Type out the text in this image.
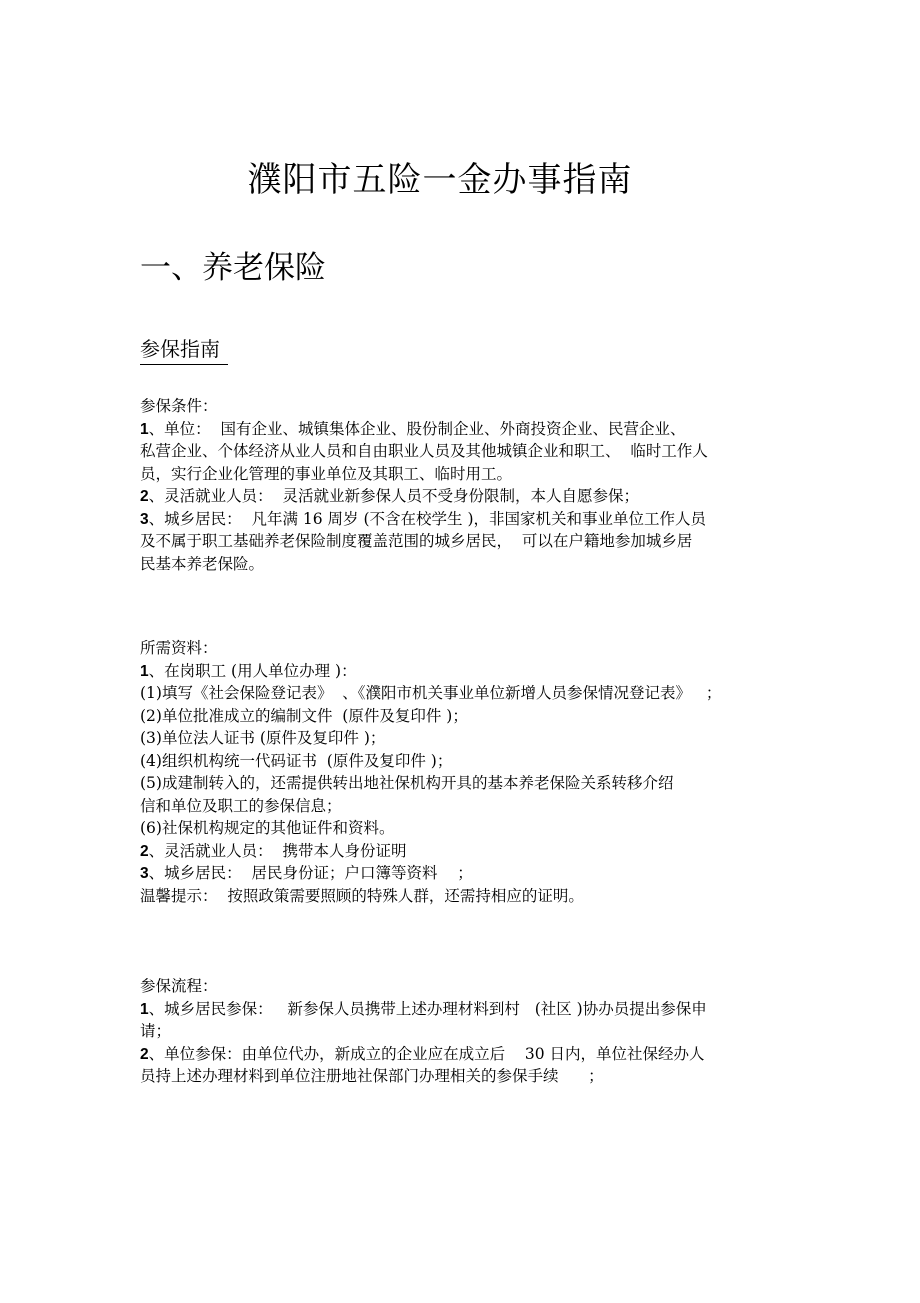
濮阳市五险一金办事指南
一、养老保险
参保指南
参保条件：
1、单位：  国有企业、城镇集体企业、股份制企业、外商投资企业、民营企业、
私营企业、个体经济从业人员和自由职业人员及其他城镇企业和职工、  临时工作人
员，实行企业化管理的事业单位及其职工、临时用工。
2、灵活就业人员：  灵活就业新参保人员不受身份限制，本人自愿参保；
3、城乡居民：  凡年满 16 周岁 (不含在校学生 )，非国家机关和事业单位工作人员
及不属于职工基础养老保险制度覆盖范围的城乡居民，  可以在户籍地参加城乡居
民基本养老保险。
所需资料：
1、在岗职工 (用人单位办理 )：
(1)填写《社会保险登记表》  、《濮阳市机关事业单位新增人员参保情况登记表》   ；
(2)单位批准成立的编制文件  (原件及复印件 )；
(3)单位法人证书 (原件及复印件 )；
(4)组织机构统一代码证书  (原件及复印件 )；
(5)成建制转入的，还需提供转出地社保机构开具的基本养老保险关系转移介绍
信和单位及职工的参保信息；
(6)社保机构规定的其他证件和资料。
2、灵活就业人员：  携带本人身份证明
3、城乡居民：  居民身份证；户口簿等资料    ；
温馨提示：  按照政策需要照顾的特殊人群，还需持相应的证明。
参保流程：
1、城乡居民参保：   新参保人员携带上述办理材料到村   (社区 )协办员提出参保申
请；
2、单位参保：由单位代办，新成立的企业应在成立后    30 日内，单位社保经办人
员持上述办理材料到单位注册地社保部门办理相关的参保手续      ；
